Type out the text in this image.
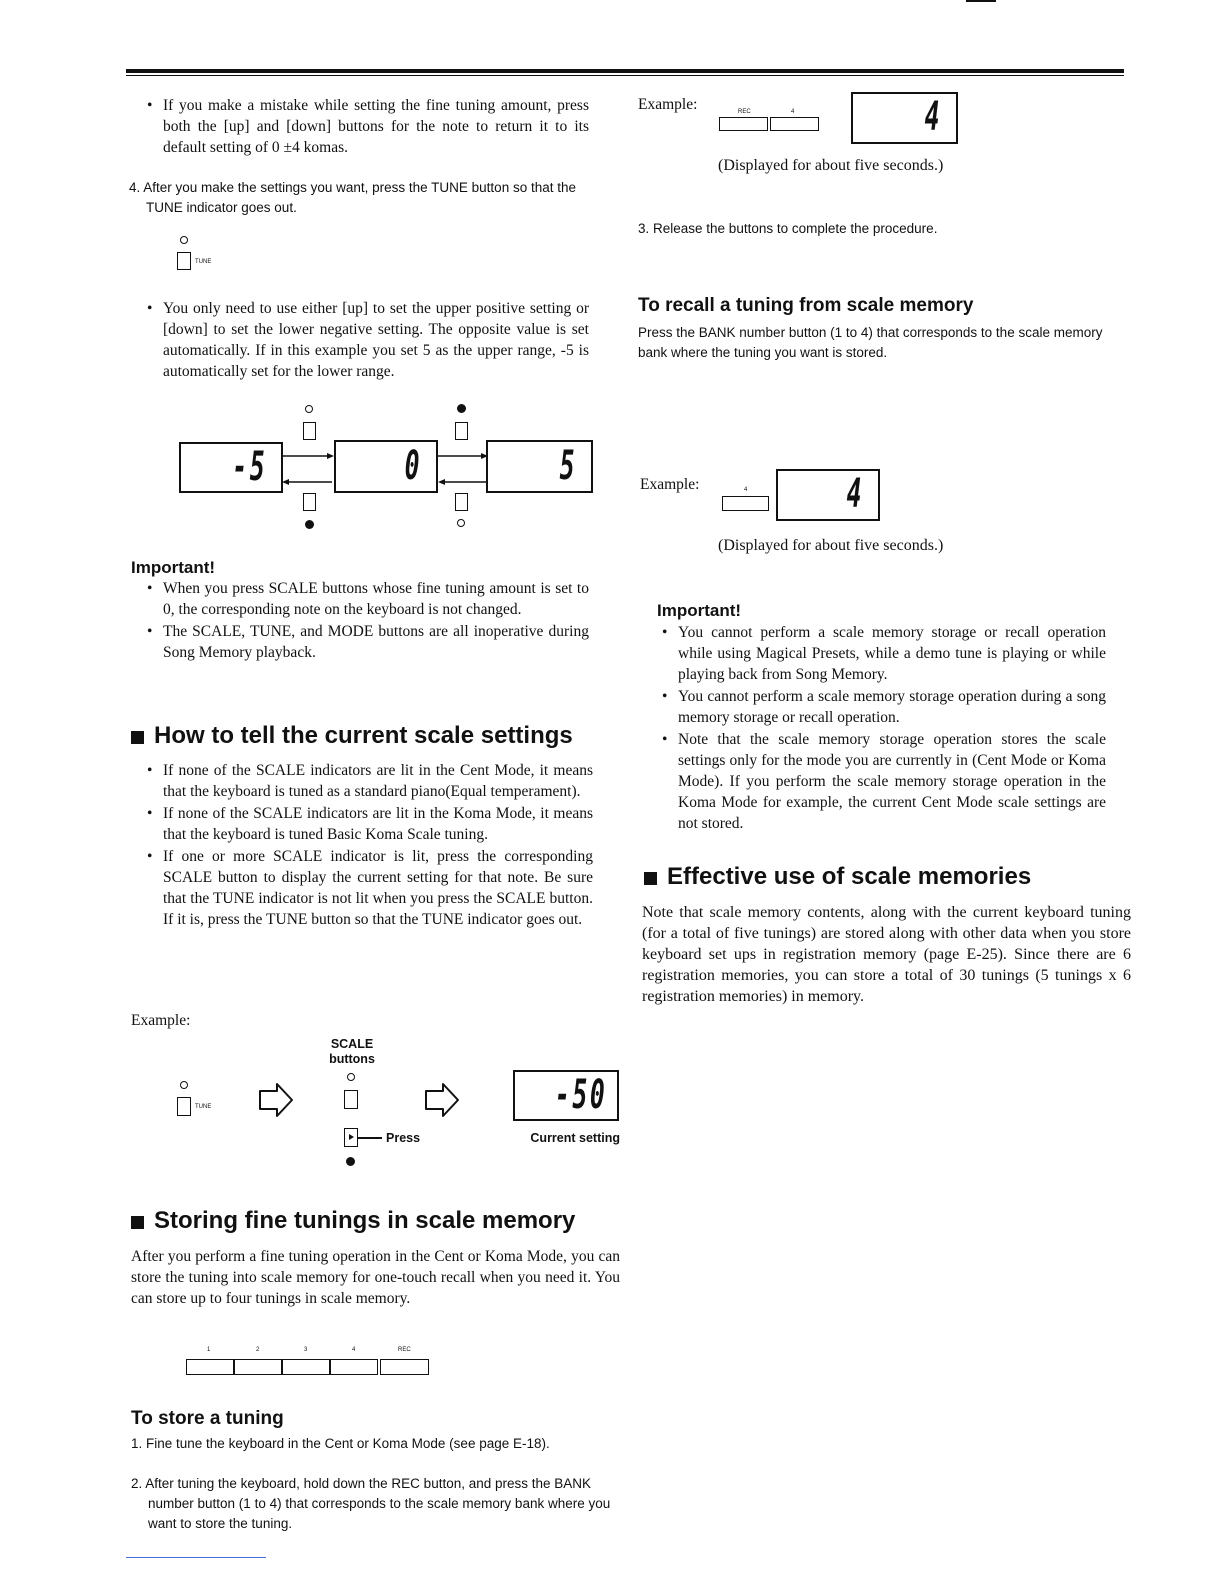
• If you make a mistake while setting the fine tuning amount, press both the [up] and [down] buttons for the note to return it to its default setting of 0 ±4 komas.
4. After you make the settings you want, press the TUNE button so that the TUNE indicator goes out.
TUNE
• You only need to use either [up] to set the upper positive setting or [down] to set the lower negative setting. The opposite value is set automatically. If in this example you set 5 as the upper range, -5 is automatically set for the lower range.
-5	0	5
Important!
• When you press SCALE buttons whose fine tuning amount is set to 0, the corresponding note on the keyboard is not changed.
• The SCALE, TUNE, and MODE buttons are all inoperative during Song Memory playback.
How to tell the current scale settings
• If none of the SCALE indicators are lit in the Cent Mode, it means that the keyboard is tuned as a standard piano(Equal temperament).
• If none of the SCALE indicators are lit in the Koma Mode, it means that the keyboard is tuned Basic Koma Scale tuning.
• If one or more SCALE indicator is lit, press the corresponding SCALE button to display the current setting for that note. Be sure that the TUNE indicator is not lit when you press the SCALE button. If it is, press the TUNE button so that the TUNE indicator goes out.
Example:
TUNE
SCALE buttons
Press
-50
Current setting
Storing fine tunings in scale memory
After you perform a fine tuning operation in the Cent or Koma Mode, you can store the tuning into scale memory for one-touch recall when you need it. You can store up to four tunings in scale memory.
1	2	3	4	REC
To store a tuning
1. Fine tune the keyboard in the Cent or Koma Mode (see page E-18).
2. After tuning the keyboard, hold down the REC button, and press the BANK number button (1 to 4) that corresponds to the scale memory bank where you want to store the tuning.
Example:	REC	4	4
(Displayed for about five seconds.)
3. Release the buttons to complete the procedure.
To recall a tuning from scale memory
Press the BANK number button (1 to 4) that corresponds to the scale memory bank where the tuning you want is stored.
Example:	4 4
(Displayed for about five seconds.)
Important!
• You cannot perform a scale memory storage or recall operation while using Magical Presets, while a demo tune is playing or while playing back from Song Memory.
• You cannot perform a scale memory storage operation during a song memory storage or recall operation.
• Note that the scale memory storage operation stores the scale settings only for the mode you are currently in (Cent Mode or Koma Mode). If you perform the scale memory storage operation in the Koma Mode for example, the current Cent Mode scale settings are not stored.
Effective use of scale memories
Note that scale memory contents, along with the current keyboard tuning (for a total of five tunings) are stored along with other data when you store keyboard set ups in registration memory (page E-25). Since there are 6 registration memories, you can store a total of 30 tunings (5 tunings x 6 registration memories) in memory.
